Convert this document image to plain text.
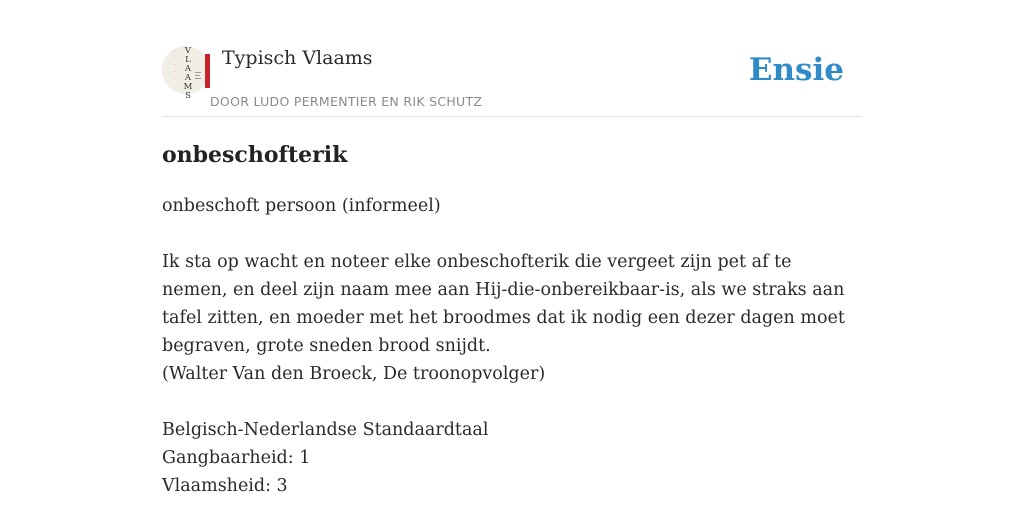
· · · · ·
V
L
A
A
M
S
Typisch Vlaams
DOOR LUDO PERMENTIER EN RIK SCHUTZ
Ensie
onbeschofterik
onbeschoft persoon (informeel)
Ik sta op wacht en noteer elke onbeschofterik die vergeet zijn pet af te nemen, en deel zijn naam mee aan Hij-die-onbereikbaar-is, als we straks aan tafel zitten, en moeder met het broodmes dat ik nodig een dezer dagen moet begraven, grote sneden brood snijdt.
(Walter Van den Broeck, De troonopvolger)
Belgisch-Nederlandse Standaardtaal
Gangbaarheid: 1
Vlaamsheid: 3
